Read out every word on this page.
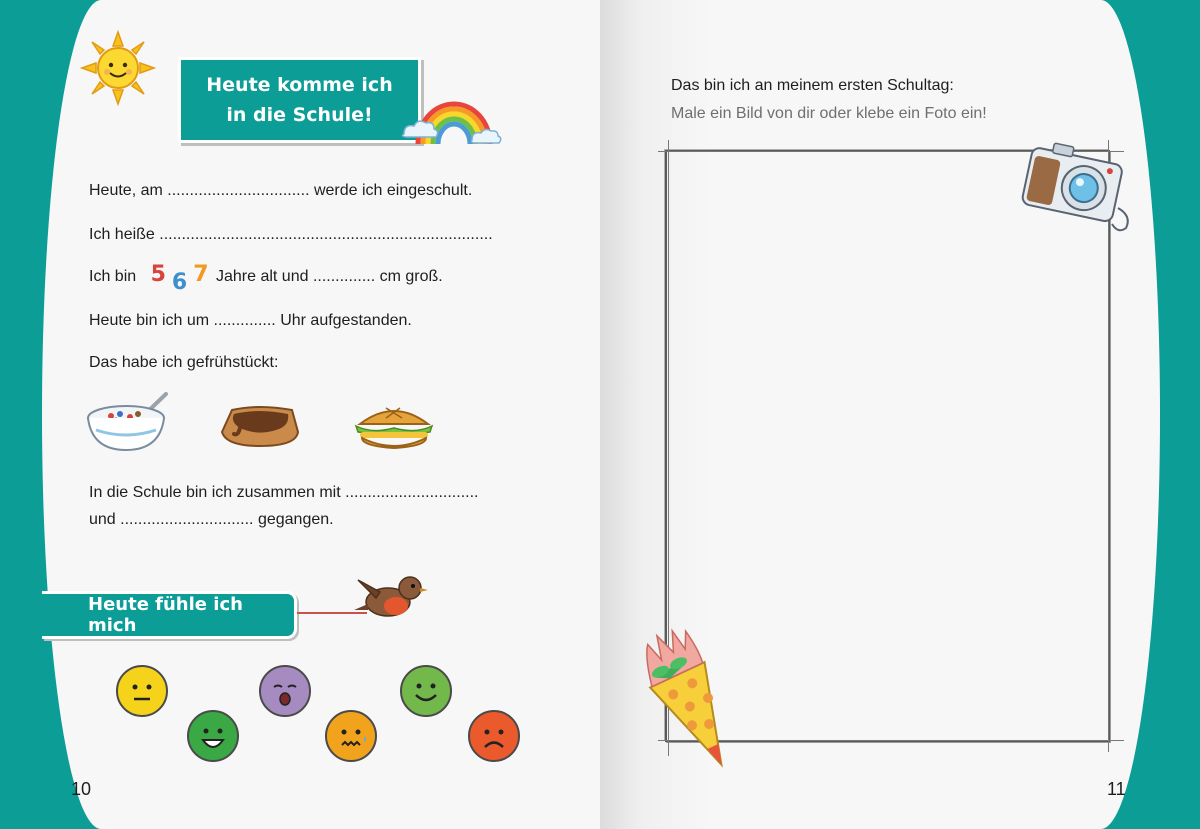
Heute komme ich
in die Schule!
Heute, am ................................ werde ich eingeschult.
Ich heiße ...........................................................................
Ich bin 5 6 7 Jahre alt und .............. cm groß.
Heute bin ich um .............. Uhr aufgestanden.
Das habe ich gefrühstückt:
In die Schule bin ich zusammen mit ..............................
und .............................. gegangen.
Heute fühle ich mich
10
Das bin ich an meinem ersten Schultag:
Male ein Bild von dir oder klebe ein Foto ein!
11
